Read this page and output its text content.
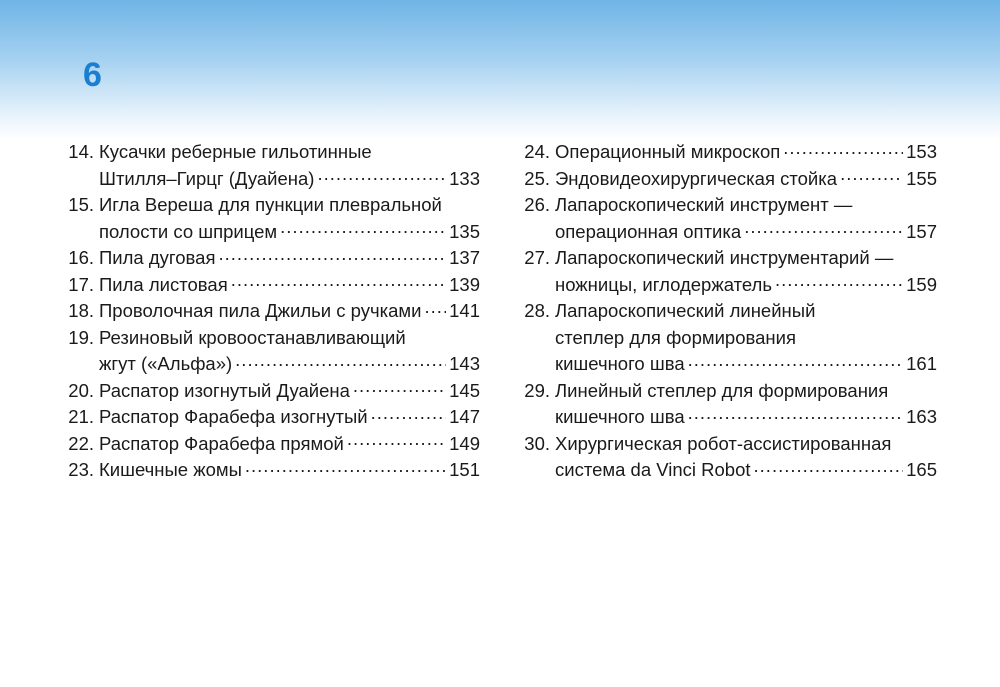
6
14. Кусачки реберные гильотинные
Штилля–Гирцг (Дуайена) .....	133
15. Игла Вереша для пункции плевральной
полости со шприцем .....	135
16. Пила дуговая .....	137
17. Пила листовая .....	139
18. Проволочная пила Джильи с ручками ..... 141
19. Резиновый кровоостанавливающий
жгут («Альфа») .....	143
20. Распатор изогнутый Дуайена .....	145
21. Распатор Фарабефа изогнутый .....	147
22. Распатор Фарабефа прямой .....	149
23. Кишечные жомы .....	151
24. Операционный микроскоп .....	153
25. Эндовидеохирургическая стойка .....	155
26. Лапароскопический инструмент —
операционная оптика .....	157
27. Лапароскопический инструментарий —
ножницы, иглодержатель .....	159
28. Лапароскопический линейный
степлер для формирования
кишечного шва .....	161
29. Линейный степлер для формирования
кишечного шва .....	163
30. Хирургическая робот-ассистированная
система da Vinci Robot .....	165
